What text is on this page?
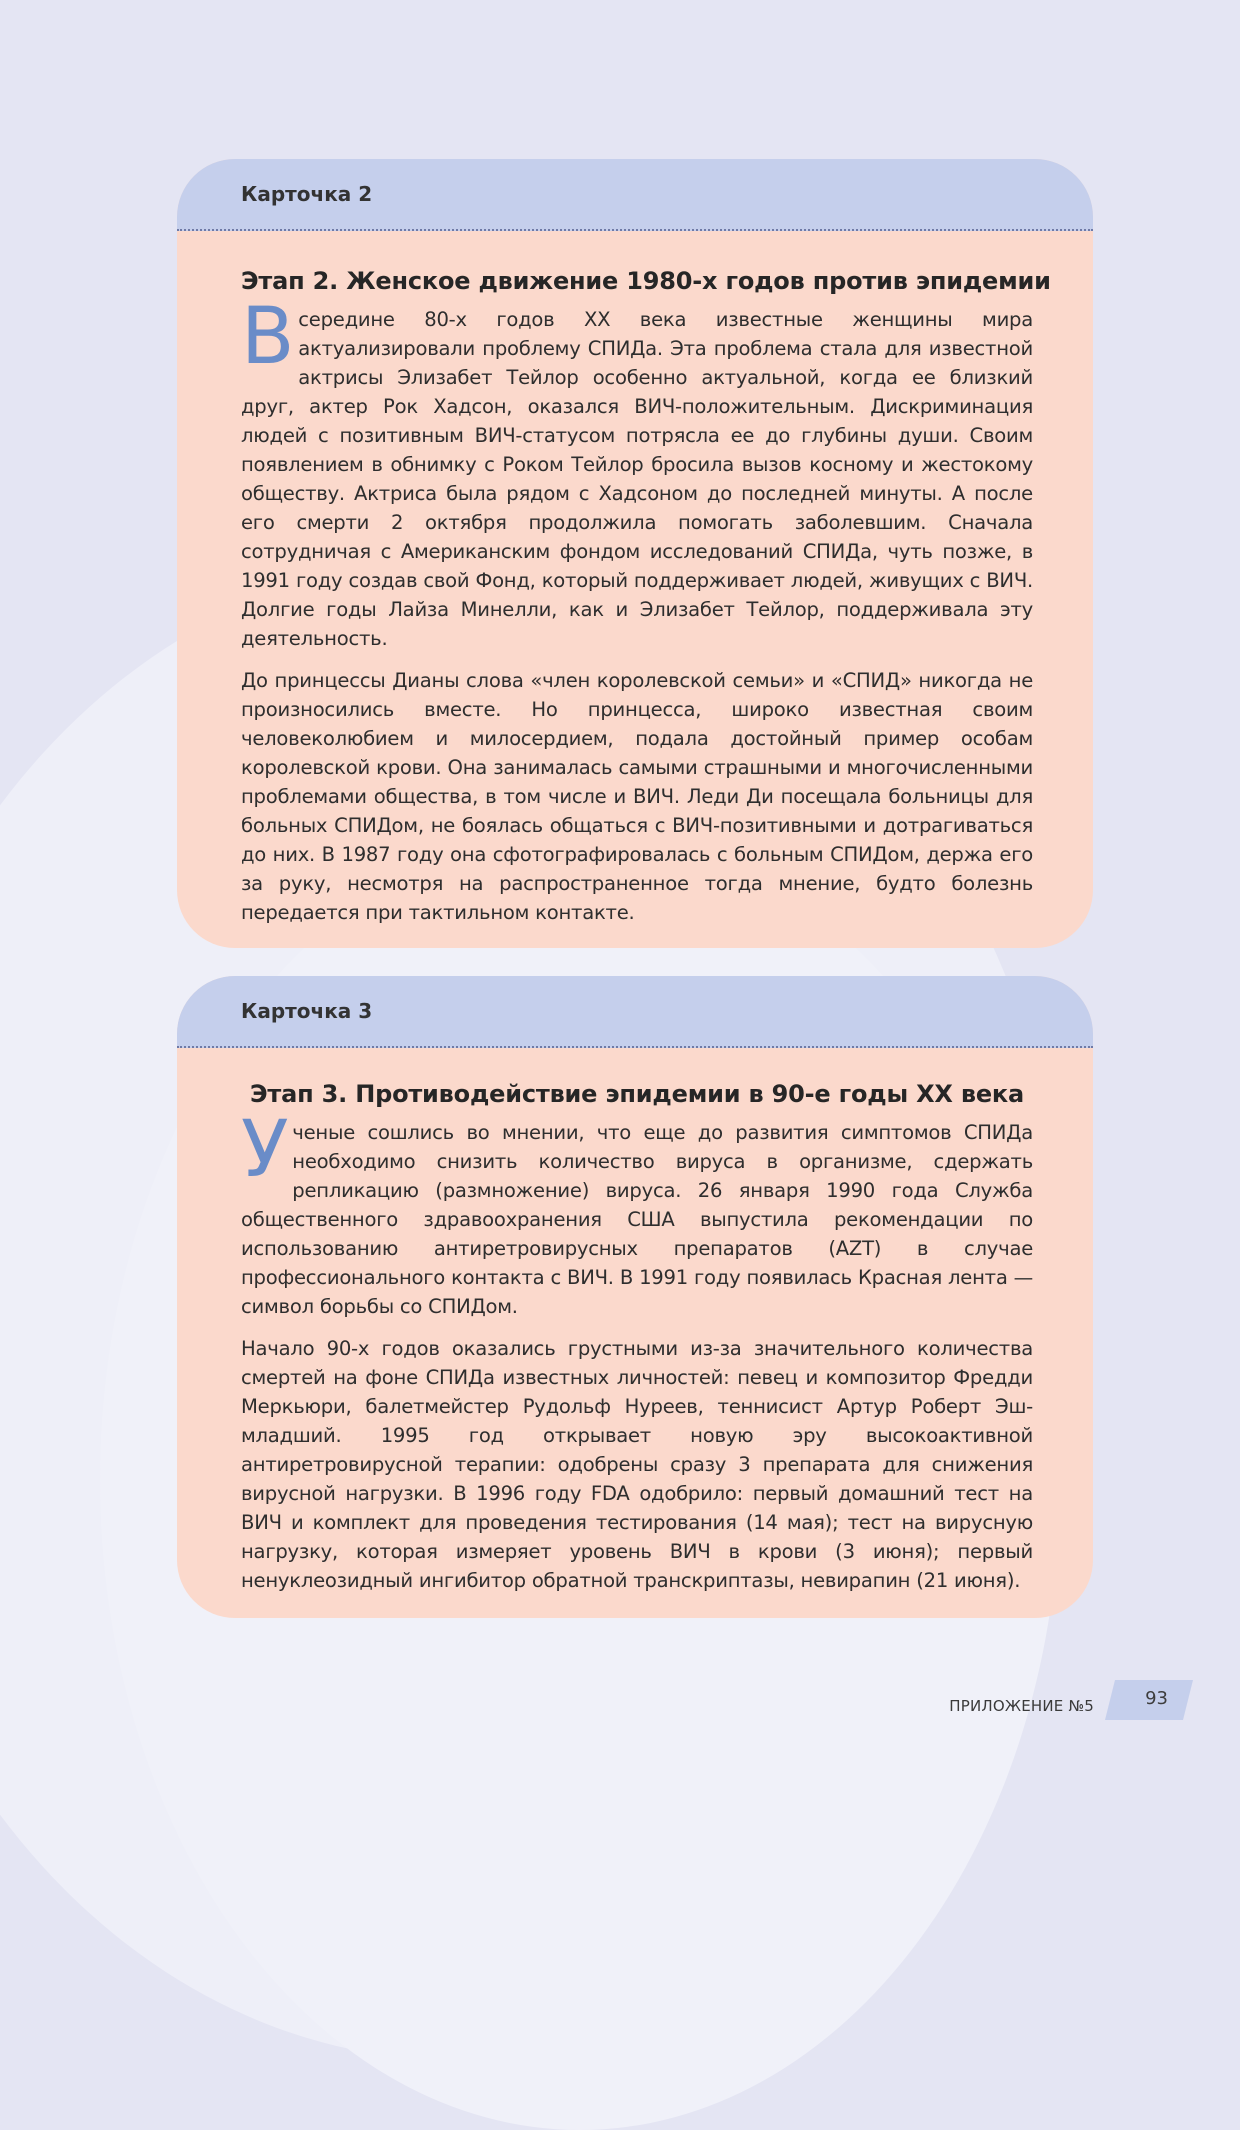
Карточка 2
Этап 2. Женское движение 1980-х годов против эпидемии

В середине 80-х годов XX века известные женщины мира актуализировали проблему СПИДа. Эта проблема стала для известной актрисы Элизабет Тейлор особенно актуальной, когда ее близкий друг, актер Рок Хадсон, оказался ВИЧ-положительным. Дискриминация людей с позитивным ВИЧ-статусом потрясла ее до глубины души. Своим появлением в обнимку с Роком Тейлор бросила вызов косному и жестокому обществу. Актриса была рядом с Хадсоном до последней минуты. А после его смерти 2 октября продолжила помогать заболевшим. Сначала сотрудничая с Американским фондом исследований СПИДа, чуть позже, в 1991 году создав свой Фонд, который поддерживает людей, живущих с ВИЧ. Долгие годы Лайза Минелли, как и Элизабет Тейлор, поддерживала эту деятельность.

До принцессы Дианы слова «член королевской семьи» и «СПИД» никогда не произносились вместе. Но принцесса, широко известная своим человеколюбием и милосердием, подала достойный пример особам королевской крови. Она занималась самыми страшными и многочисленными проблемами общества, в том числе и ВИЧ. Леди Ди посещала больницы для больных СПИДом, не боялась общаться с ВИЧ-позитивными и дотрагиваться до них. В 1987 году она сфотографировалась с больным СПИДом, держа его за руку, несмотря на распространенное тогда мнение, будто болезнь передается при тактильном контакте.

Карточка 3
Этап 3. Противодействие эпидемии в 90-е годы XX века

Ученые сошлись во мнении, что еще до развития симптомов СПИДа необходимо снизить количество вируса в организме, сдержать репликацию (размножение) вируса. 26 января 1990 года Служба общественного здравоохранения США выпустила рекомендации по использованию антиретровирусных препаратов (AZT) в случае профессионального контакта с ВИЧ. В 1991 году появилась Красная лента — символ борьбы со СПИДом.

Начало 90-х годов оказались грустными из-за значительного количества смертей на фоне СПИДа известных личностей: певец и композитор Фредди Меркьюри, балетмейстер Рудольф Нуреев, теннисист Артур Роберт Эш-младший. 1995 год открывает новую эру высокоактивной антиретровирусной терапии: одобрены сразу 3 препарата для снижения вирусной нагрузки. В 1996 году FDA одобрило: первый домашний тест на ВИЧ и комплект для проведения тестирования (14 мая); тест на вирусную нагрузку, которая измеряет уровень ВИЧ в крови (3 июня); первый ненуклеозидный ингибитор обратной транскриптазы, невирапин (21 июня).

ПРИЛОЖЕНИЕ №5	93
